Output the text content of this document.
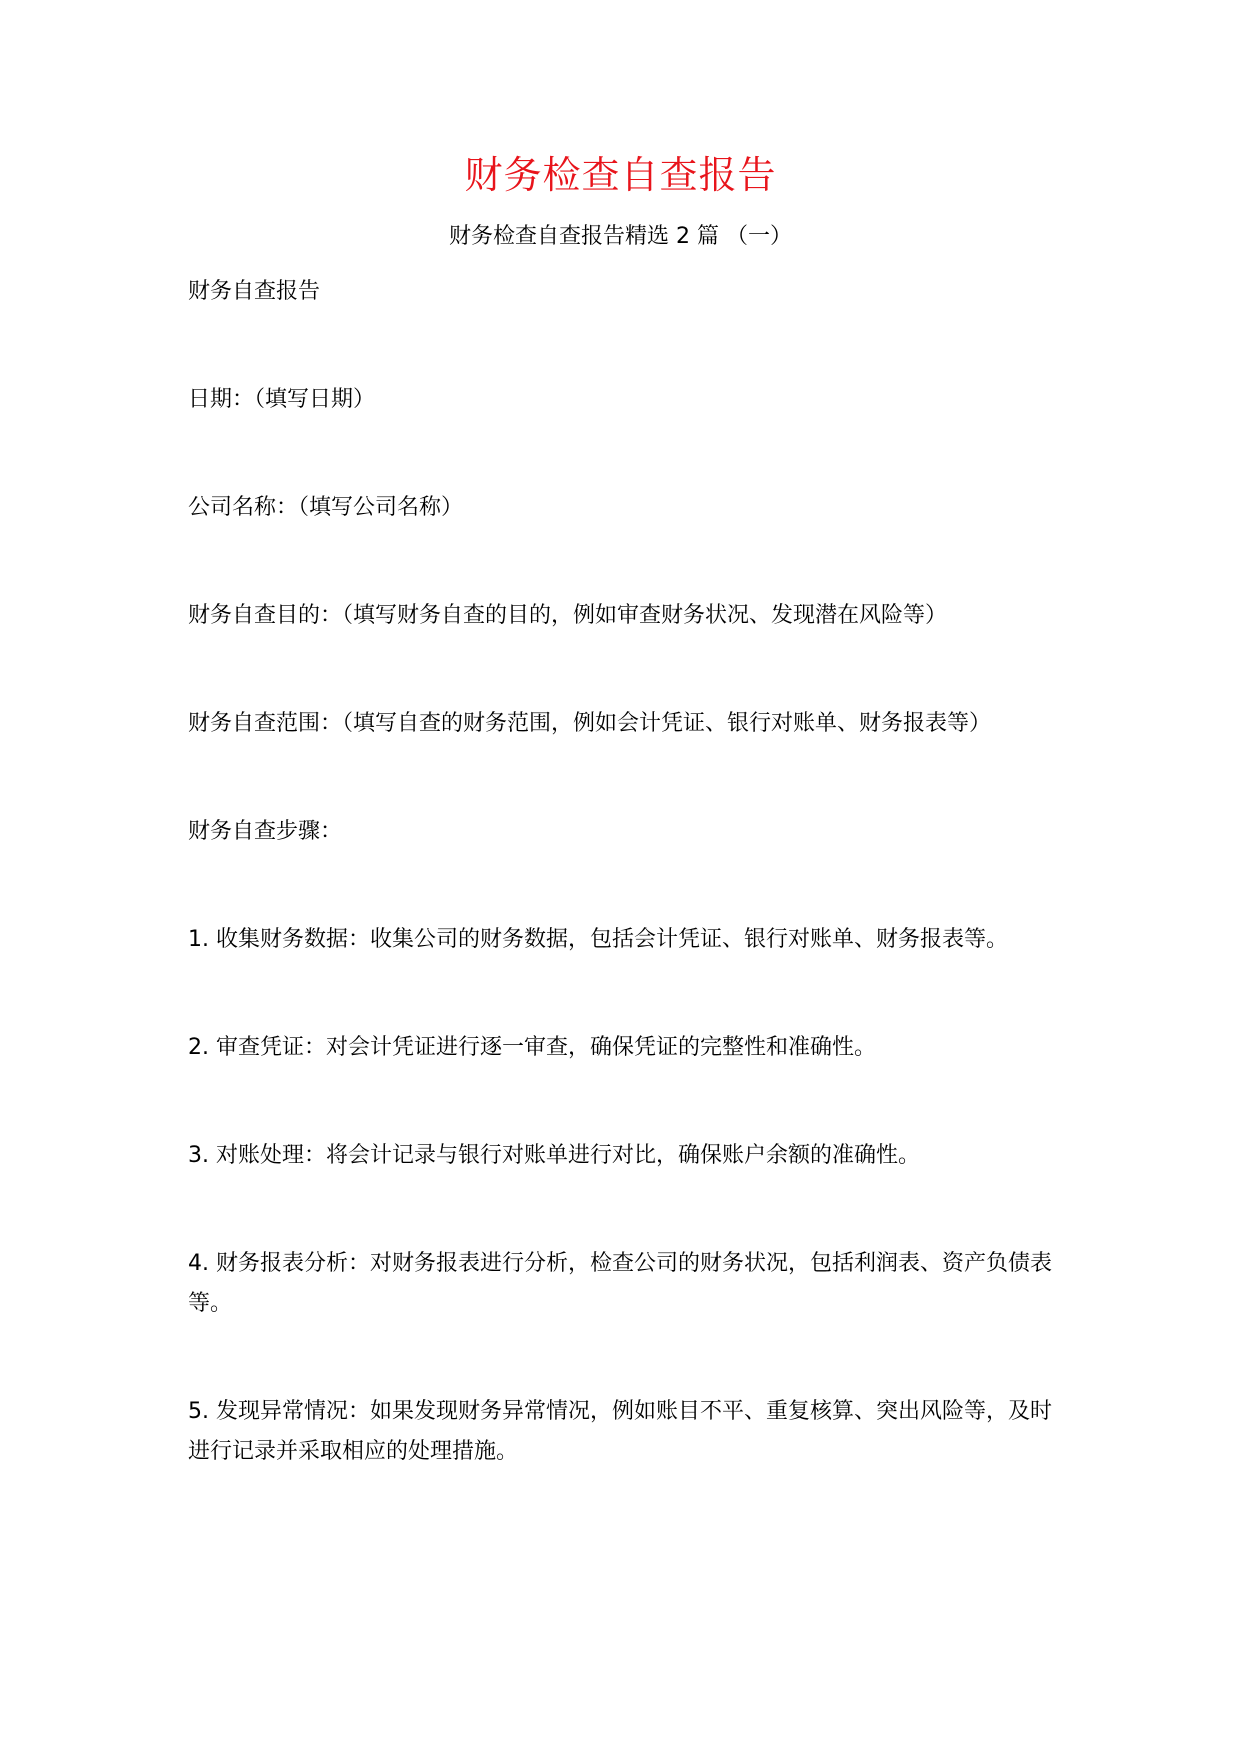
财务检查自查报告
财务检查自查报告精选 2 篇 （一）

财务自查报告

日期：（填写日期）

公司名称：（填写公司名称）

财务自查目的：（填写财务自查的目的，例如审查财务状况、发现潜在风险等）

财务自查范围：（填写自查的财务范围，例如会计凭证、银行对账单、财务报表等）

财务自查步骤：

1. 收集财务数据：收集公司的财务数据，包括会计凭证、银行对账单、财务报表等。

2. 审查凭证：对会计凭证进行逐一审查，确保凭证的完整性和准确性。

3. 对账处理：将会计记录与银行对账单进行对比，确保账户余额的准确性。

4. 财务报表分析：对财务报表进行分析，检查公司的财务状况，包括利润表、资产负债表等。

5. 发现异常情况：如果发现财务异常情况，例如账目不平、重复核算、突出风险等，及时进行记录并采取相应的处理措施。
